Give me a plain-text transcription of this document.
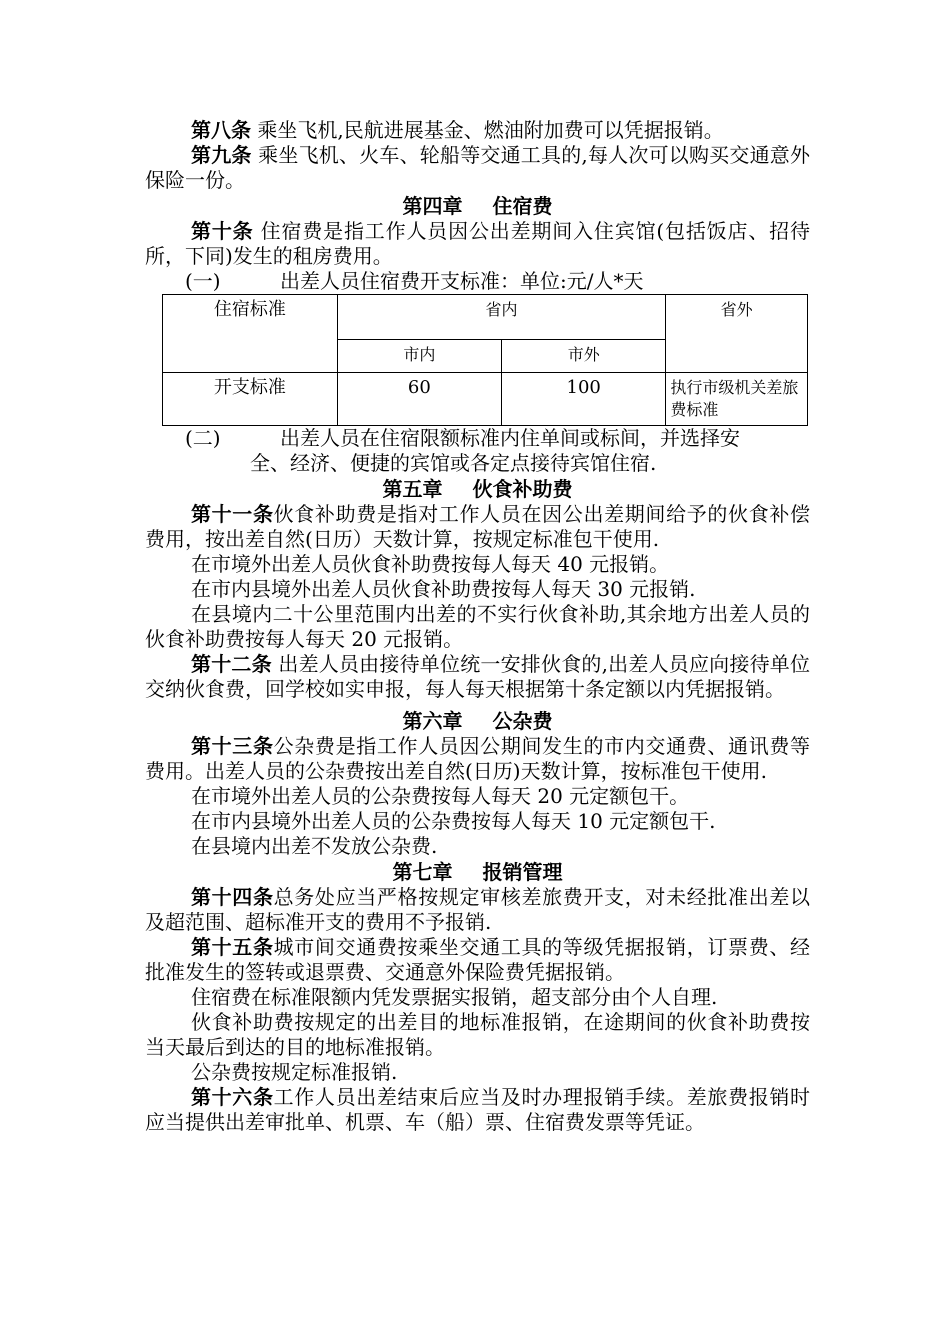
第八条 乘坐飞机,民航进展基金、燃油附加费可以凭据报销。

第九条 乘坐飞机、火车、轮船等交通工具的,每人次可以购买交通意外保险一份。

第四章 住宿费

第十条 住宿费是指工作人员因公出差期间入住宾馆(包括饭店、招待所，下同)发生的租房费用。

(一)	出差人员住宿费开支标准：单位:元/人*天

住宿标准	省内		省外
	市内	市外	
开支标准	60	100	执行市级机关差旅费标准

(二)	出差人员在住宿限额标准内住单间或标间，并选择安
全、经济、便捷的宾馆或各定点接待宾馆住宿.

第五章 伙食补助费

第十一条伙食补助费是指对工作人员在因公出差期间给予的伙食补偿费用，按出差自然(日历）天数计算，按规定标准包干使用.

在市境外出差人员伙食补助费按每人每天 40 元报销。

在市内县境外出差人员伙食补助费按每人每天 30 元报销.

在县境内二十公里范围内出差的不实行伙食补助,其余地方出差人员的伙食补助费按每人每天 20 元报销。

第十二条 出差人员由接待单位统一安排伙食的,出差人员应向接待单位交纳伙食费，回学校如实申报，每人每天根据第十条定额以内凭据报销。

第六章 公杂费

第十三条公杂费是指工作人员因公期间发生的市内交通费、通讯费等费用。出差人员的公杂费按出差自然(日历)天数计算，按标准包干使用.

在市境外出差人员的公杂费按每人每天 20 元定额包干。

在市内县境外出差人员的公杂费按每人每天 10 元定额包干.

在县境内出差不发放公杂费.

第七章 报销管理

第十四条总务处应当严格按规定审核差旅费开支，对未经批准出差以及超范围、超标准开支的费用不予报销.

第十五条城市间交通费按乘坐交通工具的等级凭据报销，订票费、经批准发生的签转或退票费、交通意外保险费凭据报销。

住宿费在标准限额内凭发票据实报销，超支部分由个人自理.

伙食补助费按规定的出差目的地标准报销，在途期间的伙食补助费按当天最后到达的目的地标准报销。

公杂费按规定标准报销.

第十六条工作人员出差结束后应当及时办理报销手续。差旅费报销时应当提供出差审批单、机票、车（船）票、住宿费发票等凭证。
